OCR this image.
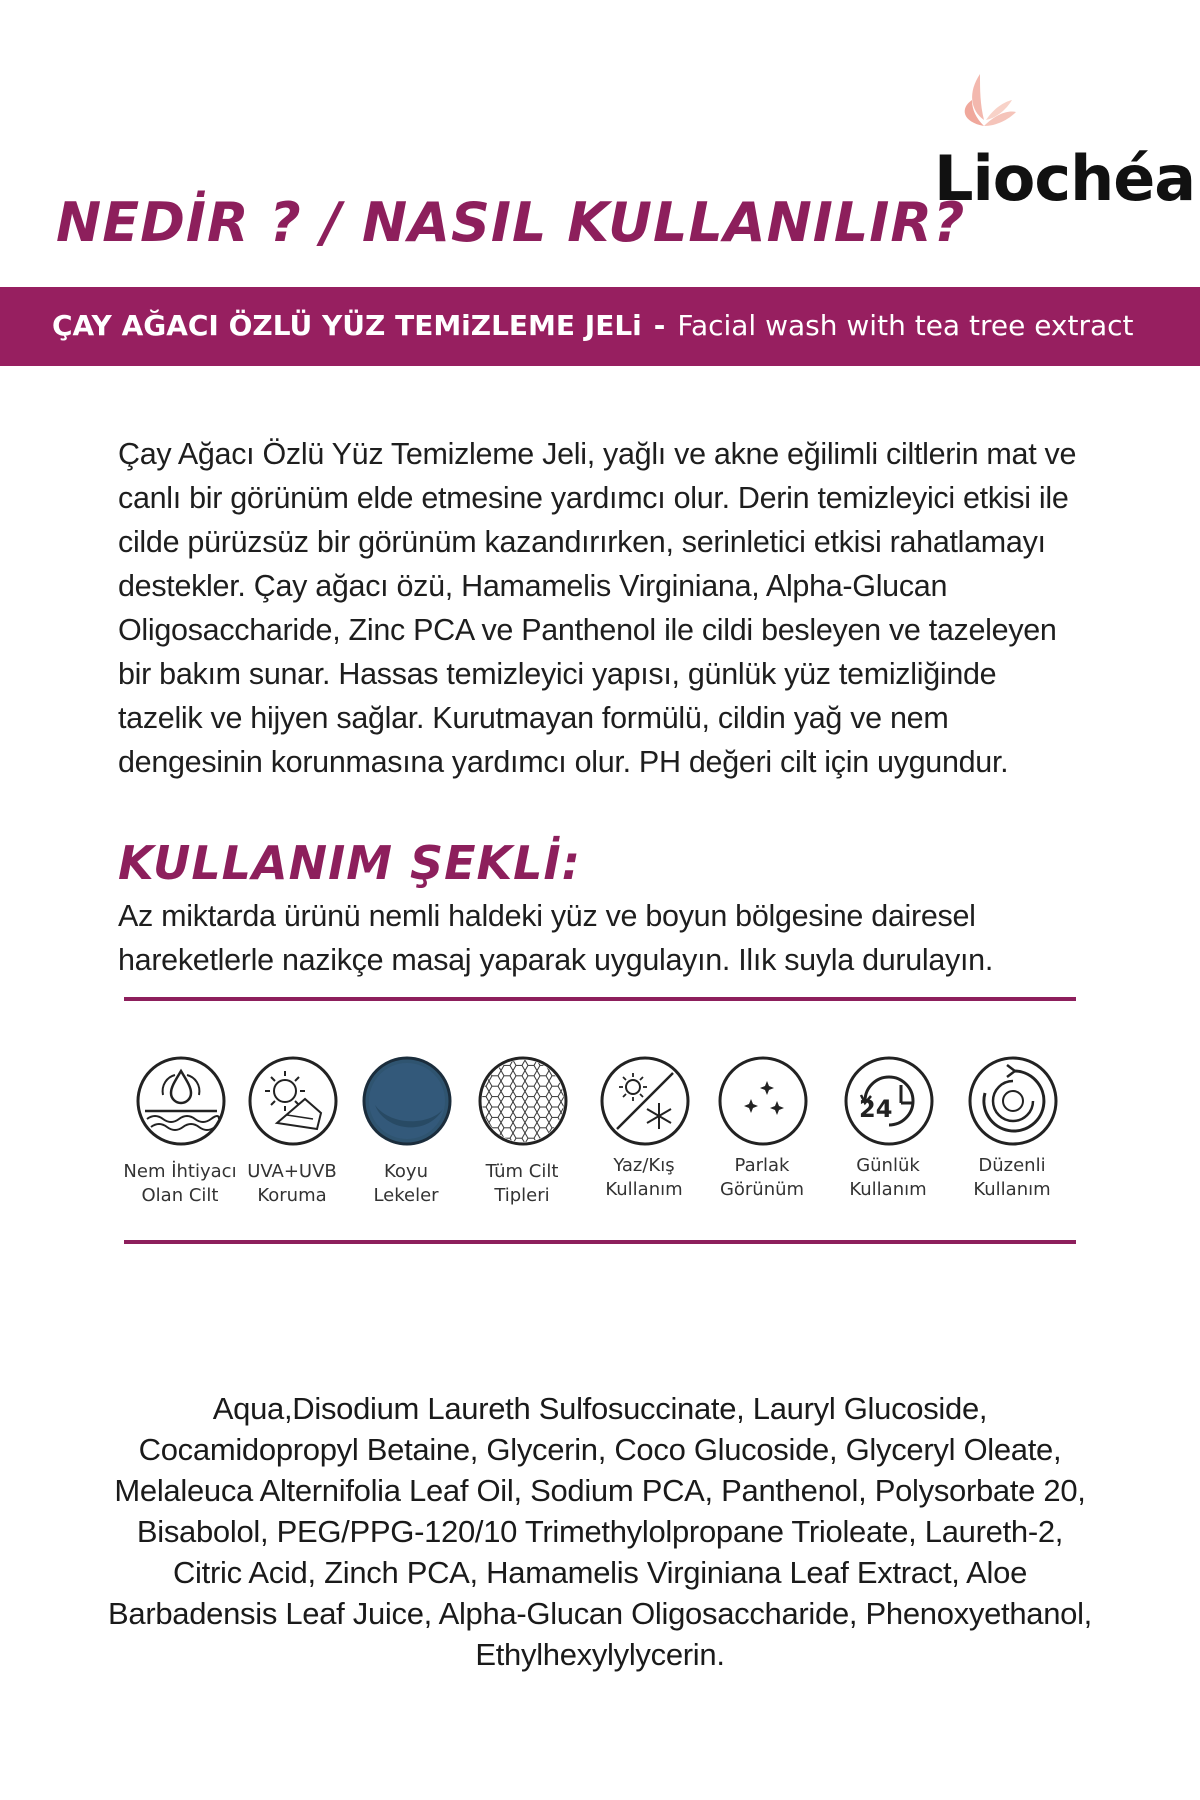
Liochéa
NEDİR ? / NASIL KULLANILIR?
ÇAY AĞACI ÖZLÜ YÜZ TEMiZLEME JELi - Facial wash with tea tree extract
Çay Ağacı Özlü Yüz Temizleme Jeli, yağlı ve akne eğilimli ciltlerin mat ve canlı bir görünüm elde etmesine yardımcı olur. Derin temizleyici etkisi ile cilde pürüzsüz bir görünüm kazandırırken, serinletici etkisi rahatlamayı destekler. Çay ağacı özü, Hamamelis Virginiana, Alpha-Glucan Oligosaccharide, Zinc PCA ve Panthenol ile cildi besleyen ve tazeleyen bir bakım sunar. Hassas temizleyici yapısı, günlük yüz temizliğinde tazelik ve hijyen sağlar. Kurutmayan formülü, cildin yağ ve nem dengesinin korunmasına yardımcı olur. PH değeri cilt için uygundur.
KULLANIM ŞEKLİ:
Az miktarda ürünü nemli haldeki yüz ve boyun bölgesine dairesel hareketlerle nazikçe masaj yaparak uygulayın. Ilık suyla durulayın.
Nem İhtiyacı
Olan Cilt
UVA+UVB
Koruma
Koyu
Lekeler
Tüm Cilt
Tipleri
Yaz/Kış
Kullanım
Parlak
Görünüm
24
Günlük
Kullanım
Düzenli
Kullanım
Aqua,Disodium Laureth Sulfosuccinate, Lauryl Glucoside, Cocamidopropyl Betaine, Glycerin, Coco Glucoside, Glyceryl Oleate, Melaleuca Alternifolia Leaf Oil, Sodium PCA, Panthenol, Polysorbate 20, Bisabolol, PEG/PPG-120/10 Trimethylolpropane Trioleate, Laureth-2, Citric Acid, Zinch PCA, Hamamelis Virginiana Leaf Extract, Aloe Barbadensis Leaf Juice, Alpha-Glucan Oligosaccharide, Phenoxyethanol, Ethylhexylylycerin.
